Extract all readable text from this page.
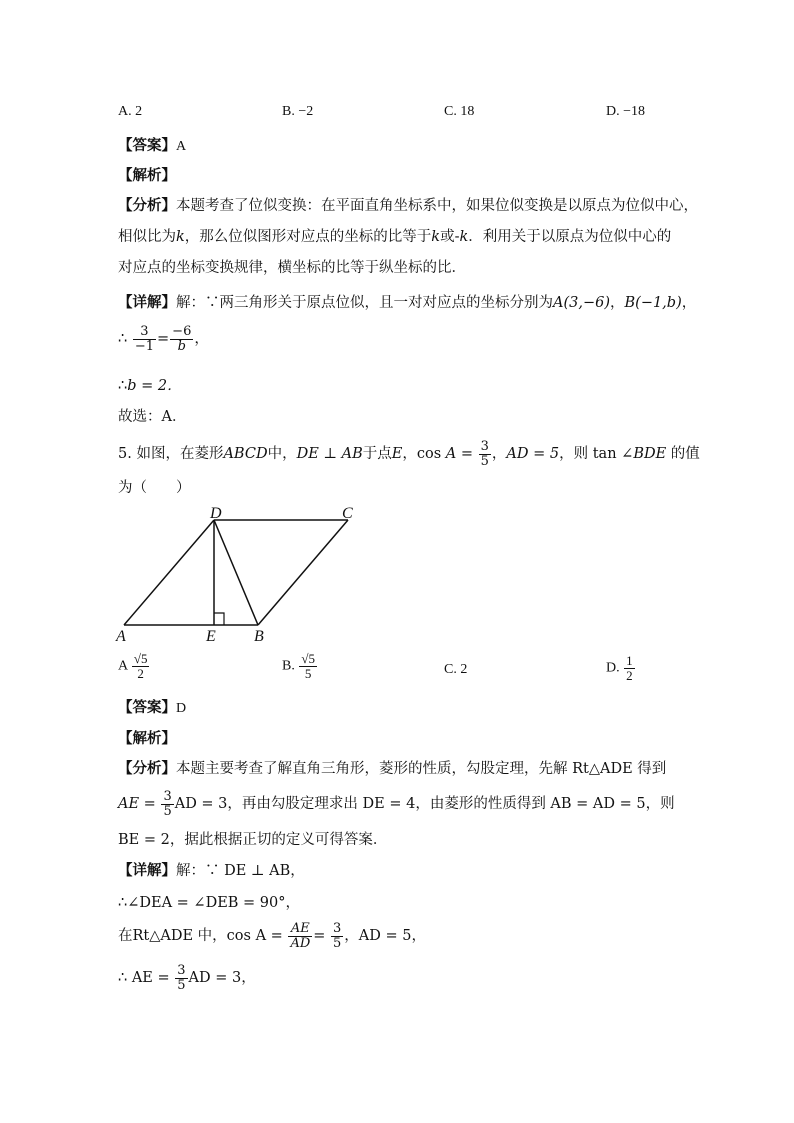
A. 2	B. −2	C. 18	D. −18
【答案】A
【解析】
【分析】本题考查了位似变换：在平面直角坐标系中，如果位似变换是以原点为位似中心，
相似比为k，那么位似图形对应点的坐标的比等于k或-k．利用关于以原点为位似中心的
对应点的坐标变换规律，横坐标的比等于纵坐标的比．
【详解】解：∵两三角形关于原点位似，且一对对应点的坐标分别为A(3,−6)，B(−1,b)，
∴ $\frac{3}{-1} = \frac{-6}{b}$ ，
∴b = 2．
故选：A．
5. 如图，在菱形ABCD中，DE ⊥ AB于点E，$\cos A = \frac{3}{5}$ ，AD = 5，则 tan ∠BDE 的值
为（　　）
A	E B
D	C
A $\frac{√5}{2}$	B. $\frac{√5}{5}$	C. 2	D. $\frac{1}{2}$
【答案】D
【解析】
【分析】本题主要考查了解直角三角形，菱形的性质，勾股定理，先解 Rt△ADE 得到
AE = $\frac{3}{5}$ AD = 3，再由勾股定理求出 DE = 4，由菱形的性质得到 AB = AD = 5，则
BE = 2，据此根据正切的定义可得答案．
【详解】解：∵ DE ⊥ AB，
∴∠DEA = ∠DEB = 90°，
在Rt△ADE 中，$\cos A = \frac{AE}{AD} = \frac{3}{5}$ ，AD = 5，
∴ AE = $\frac{3}{5}$ AD = 3，
